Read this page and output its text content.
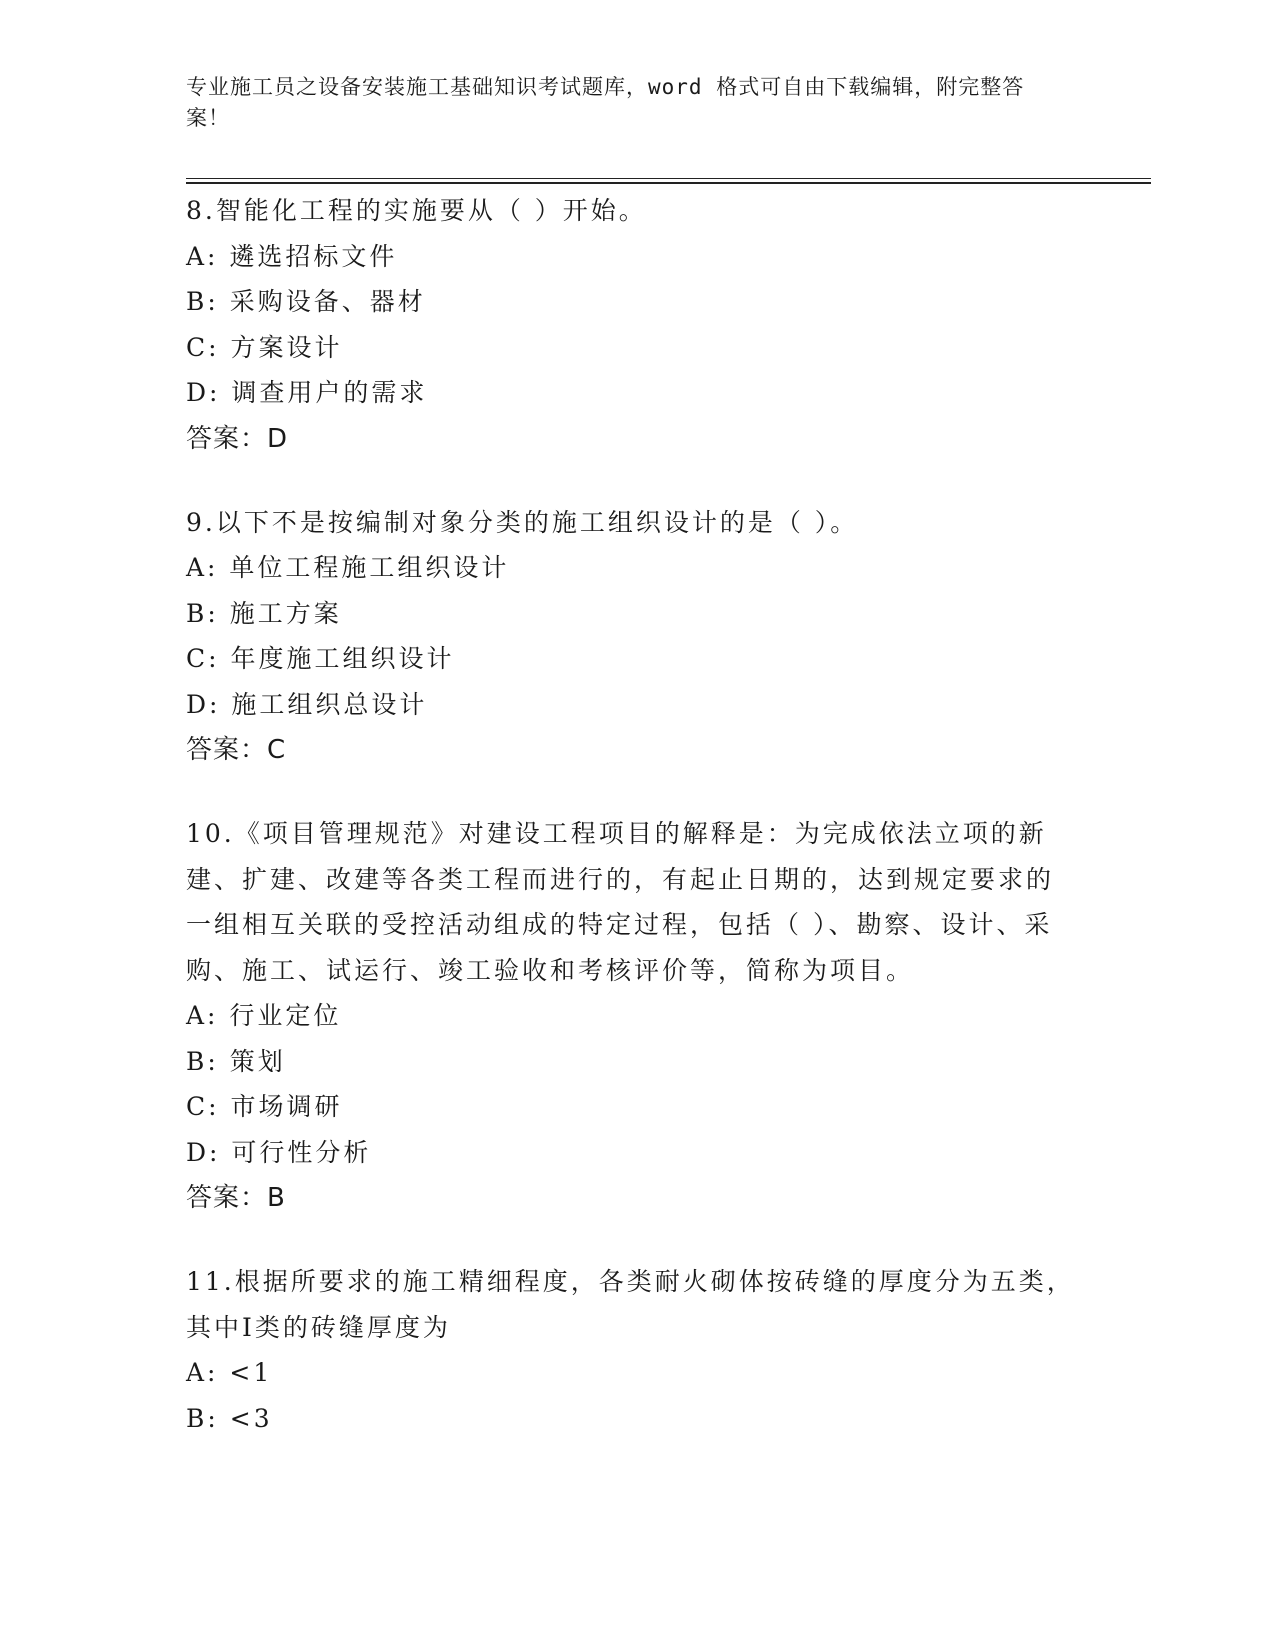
专业施工员之设备安装施工基础知识考试题库，word 格式可自由下载编辑，附完整答案！
8.智能化工程的实施要从（ ）开始。
A: 遴选招标文件
B: 采购设备、器材
C: 方案设计
D: 调查用户的需求
答案：D
9.以下不是按编制对象分类的施工组织设计的是（ ）。
A: 单位工程施工组织设计
B: 施工方案
C: 年度施工组织设计
D: 施工组织总设计
答案：C
10.《项目管理规范》对建设工程项目的解释是：为完成依法立项的新建、扩建、改建等各类工程而进行的，有起止日期的，达到规定要求的一组相互关联的受控活动组成的特定过程，包括（ ）、勘察、设计、采购、施工、试运行、竣工验收和考核评价等，简称为项目。
A: 行业定位
B: 策划
C: 市场调研
D: 可行性分析
答案：B
11.根据所要求的施工精细程度，各类耐火砌体按砖缝的厚度分为五类，其中Ⅰ类的砖缝厚度为
A: <1
B: <3
